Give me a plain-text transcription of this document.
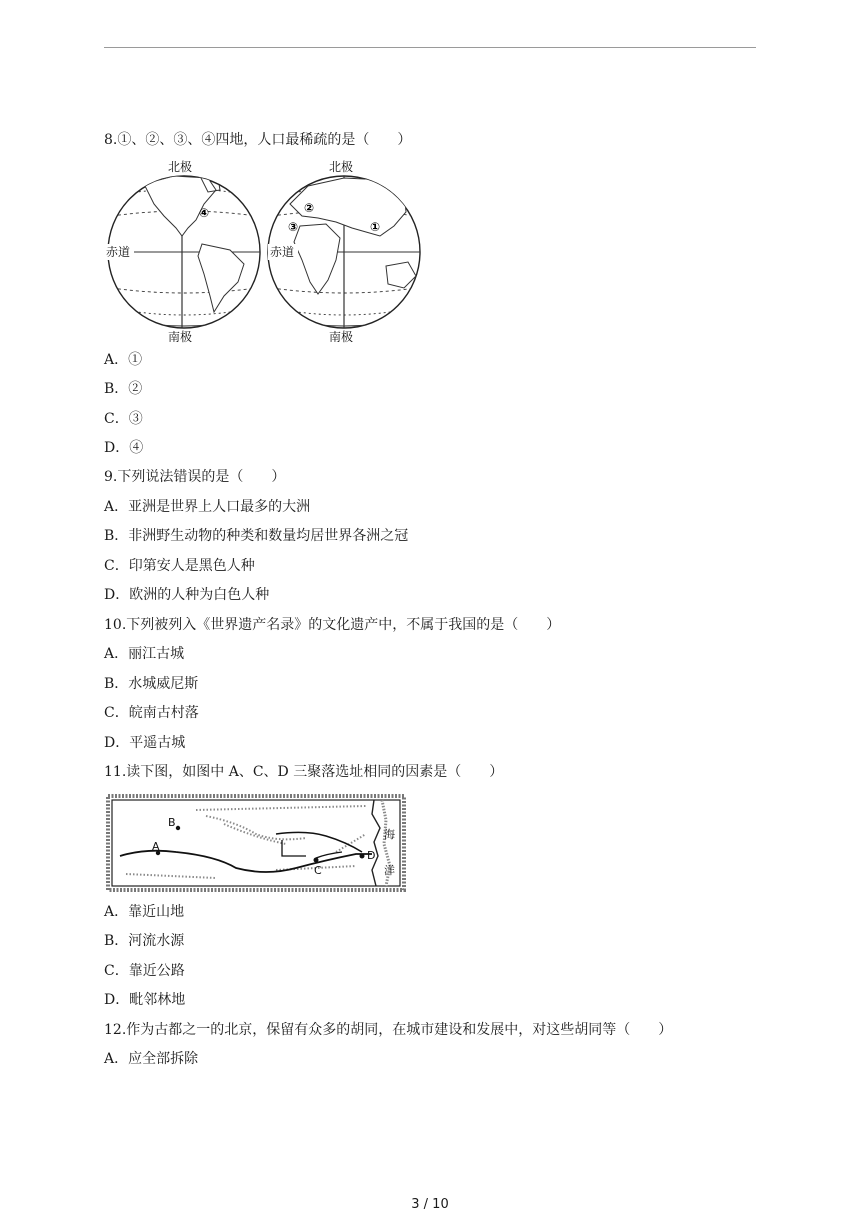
8.①、②、③、④四地，人口最稀疏的是（　　）
北极
南极
赤道
④
北极
南极
赤道
②
③	①
A．①
B．②
C．③
D．④
9.下列说法错误的是（　　）
A．亚洲是世界上人口最多的大洲
B．非洲野生动物的种类和数量均居世界各洲之冠
C．印第安人是黑色人种
D．欧洲的人种为白色人种
10.下列被列入《世界遗产名录》的文化遗产中，不属于我国的是（　　）
A．丽江古城
B．水城威尼斯
C．皖南古村落
D．平遥古城
11.读下图，如图中 A、C、D 三聚落选址相同的因素是（　　）
A
B
C
D
海
洋
A．靠近山地
B．河流水源
C．靠近公路
D．毗邻林地
12.作为古都之一的北京，保留有众多的胡同，在城市建设和发展中，对这些胡同等（　　）
A．应全部拆除
3 / 10
